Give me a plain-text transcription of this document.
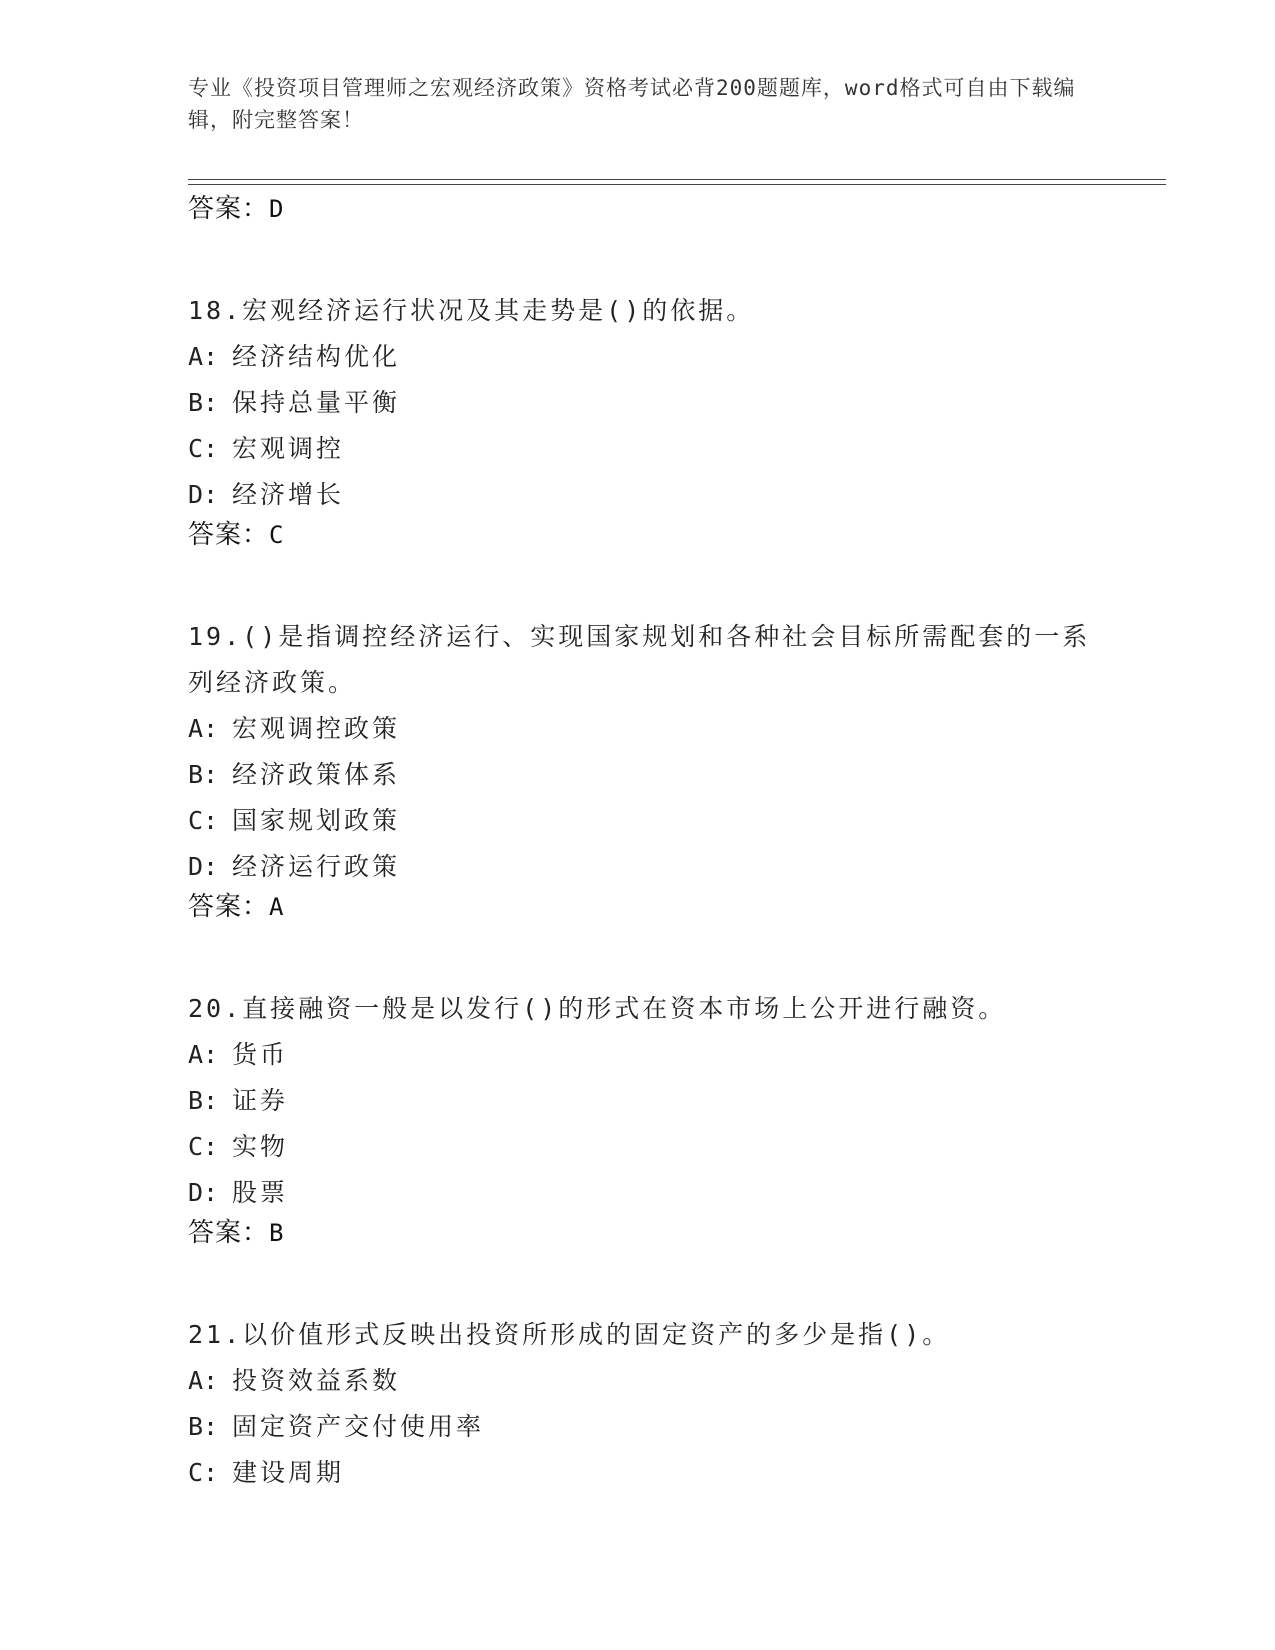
专业《投资项目管理师之宏观经济政策》资格考试必背200题题库，word格式可自由下载编辑，附完整答案！
答案：D
18.宏观经济运行状况及其走势是()的依据。
A: 经济结构优化
B: 保持总量平衡
C: 宏观调控
D: 经济增长
答案：C
19.()是指调控经济运行、实现国家规划和各种社会目标所需配套的一系列经济政策。
A: 宏观调控政策
B: 经济政策体系
C: 国家规划政策
D: 经济运行政策
答案：A
20.直接融资一般是以发行()的形式在资本市场上公开进行融资。
A: 货币
B: 证券
C: 实物
D: 股票
答案：B
21.以价值形式反映出投资所形成的固定资产的多少是指()。
A: 投资效益系数
B: 固定资产交付使用率
C: 建设周期
